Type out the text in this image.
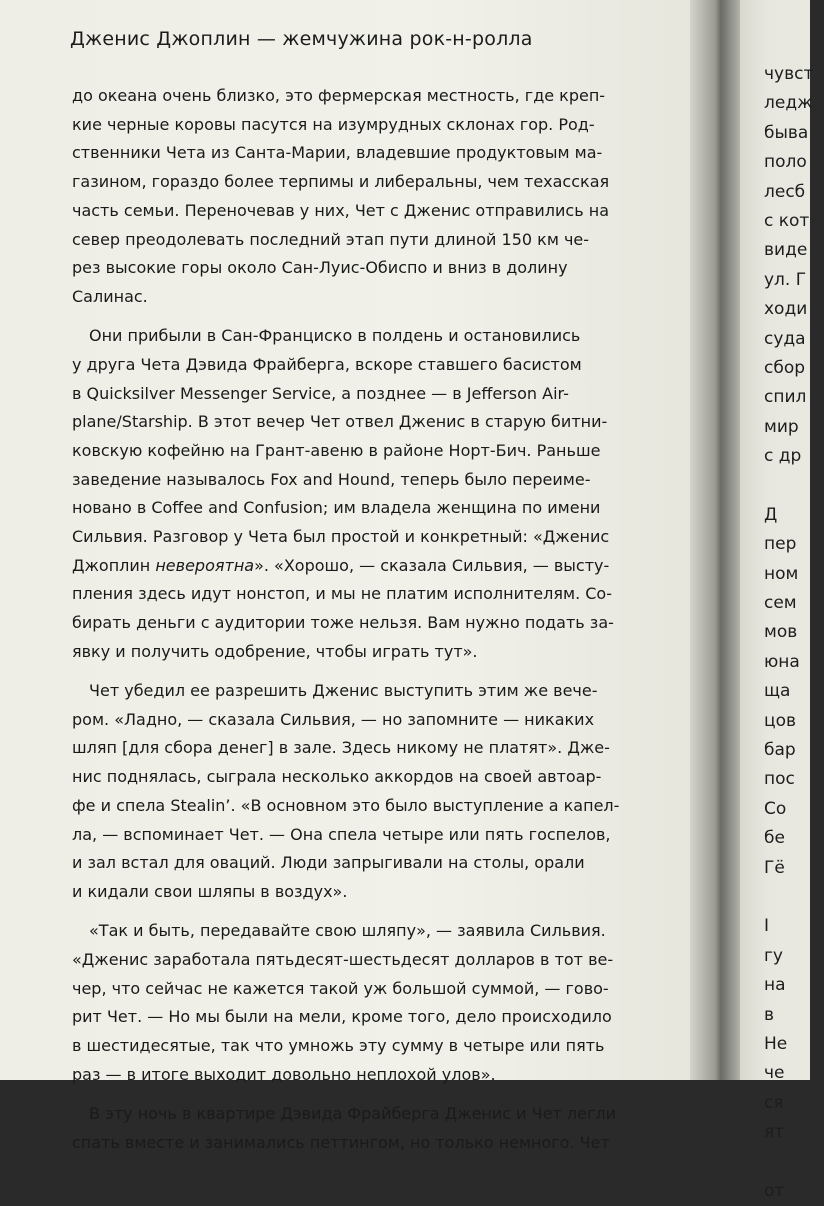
Дженис Джоплин — жемчужина рок-н-ролла

до океана очень близко, это фермерская местность, где креп-
кие черные коровы пасутся на изумрудных склонах гор. Род-
ственники Чета из Санта-Марии, владевшие продуктовым ма-
газином, гораздо более терпимы и либеральны, чем техасская
часть семьи. Переночевав у них, Чет с Дженис отправились на
север преодолевать последний этап пути длиной 150 км че-
рез высокие горы около Сан-Луис-Обиспо и вниз в долину
Салинас.
Они прибыли в Сан-Франциско в полдень и остановились
у друга Чета Дэвида Фрайберга, вскоре ставшего басистом
в Quicksilver Messenger Service, а позднее — в Jefferson Air-
plane/Starship. В этот вечер Чет отвел Дженис в старую битни-
ковскую кофейню на Грант-авеню в районе Норт-Бич. Раньше
заведение называлось Fox and Hound, теперь было переиме-
новано в Coffee and Confusion; им владела женщина по имени
Сильвия. Разговор у Чета был простой и конкретный: «Дженис
Джоплин невероятна». «Хорошо, — сказала Сильвия, — высту-
пления здесь идут нонстоп, и мы не платим исполнителям. Со-
бирать деньги с аудитории тоже нельзя. Вам нужно подать за-
явку и получить одобрение, чтобы играть тут».
Чет убедил ее разрешить Дженис выступить этим же вече-
ром. «Ладно, — сказала Сильвия, — но запомните — никаких
шляп [для сбора денег] в зале. Здесь никому не платят». Дже-
нис поднялась, сыграла несколько аккордов на своей автоар-
фе и спела Stealin’. «В основном это было выступление а капел-
ла, — вспоминает Чет. — Она спела четыре или пять госпелов,
и зал встал для оваций. Люди запрыгивали на столы, орали
и кидали свои шляпы в воздух».
«Так и быть, передавайте свою шляпу», — заявила Сильвия.
«Дженис заработала пятьдесят-шестьдесят долларов в тот ве-
чер, что сейчас не кажется такой уж большой суммой, — гово-
рит Чет. — Но мы были на мели, кроме того, дело происходило
в шестидесятые, так что умножь эту сумму в четыре или пять
раз — в итоге выходит довольно неплохой улов».
В эту ночь в квартире Дэвида Фрайберга Дженис и Чет легли
спать вместе и занимались петтингом, но только немного. Чет
чувст
ледж
быва
поло
лесб
с кот
виде
ул. Г
ходи
суда
сбор
спил
мир
с др
Д
пер
ном
сем
мов
юна
ща
цов
бар
пос
Со
бе
Гё
I
гу
на
в
Не
че
ся
ят
от
